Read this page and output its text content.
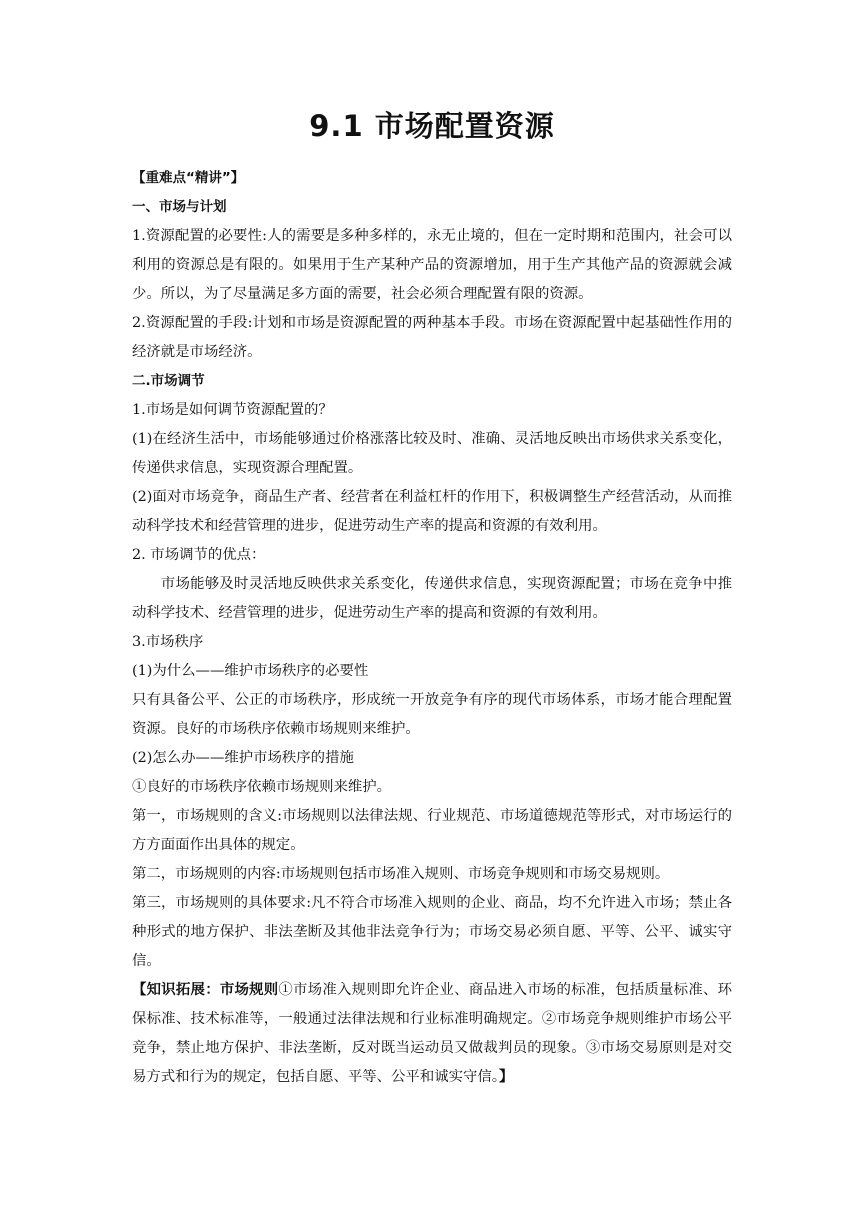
9.1 市场配置资源

【重难点“精讲”】

一、市场与计划

1.资源配置的必要性:人的需要是多种多样的，永无止境的，但在一定时期和范围内，社会可以利用的资源总是有限的。如果用于生产某种产品的资源增加，用于生产其他产品的资源就会减少。所以，为了尽量满足多方面的需要，社会必须合理配置有限的资源。

2.资源配置的手段:计划和市场是资源配置的两种基本手段。市场在资源配置中起基础性作用的经济就是市场经济。

二.市场调节

1.市场是如何调节资源配置的？

(1)在经济生活中，市场能够通过价格涨落比较及时、准确、灵活地反映出市场供求关系变化，传递供求信息，实现资源合理配置。

(2)面对市场竞争，商品生产者、经营者在利益杠杆的作用下，积极调整生产经营活动，从而推动科学技术和经营管理的进步，促进劳动生产率的提高和资源的有效利用。

2. 市场调节的优点：

市场能够及时灵活地反映供求关系变化，传递供求信息，实现资源配置；市场在竞争中推动科学技术、经营管理的进步，促进劳动生产率的提高和资源的有效利用。

3.市场秩序

(1)为什么——维护市场秩序的必要性

只有具备公平、公正的市场秩序，形成统一开放竞争有序的现代市场体系，市场才能合理配置资源。良好的市场秩序依赖市场规则来维护。

(2)怎么办——维护市场秩序的措施

①良好的市场秩序依赖市场规则来维护。

第一，市场规则的含义:市场规则以法律法规、行业规范、市场道德规范等形式，对市场运行的方方面面作出具体的规定。

第二，市场规则的内容:市场规则包括市场准入规则、市场竞争规则和市场交易规则。

第三，市场规则的具体要求:凡不符合市场准入规则的企业、商品，均不允许进入市场；禁止各种形式的地方保护、非法垄断及其他非法竞争行为；市场交易必须自愿、平等、公平、诚实守信。

【知识拓展：市场规则①市场准入规则即允许企业、商品进入市场的标准，包括质量标准、环保标准、技术标准等，一般通过法律法规和行业标准明确规定。②市场竞争规则维护市场公平竞争，禁止地方保护、非法垄断，反对既当运动员又做裁判员的现象。③市场交易原则是对交易方式和行为的规定，包括自愿、平等、公平和诚实守信。】
